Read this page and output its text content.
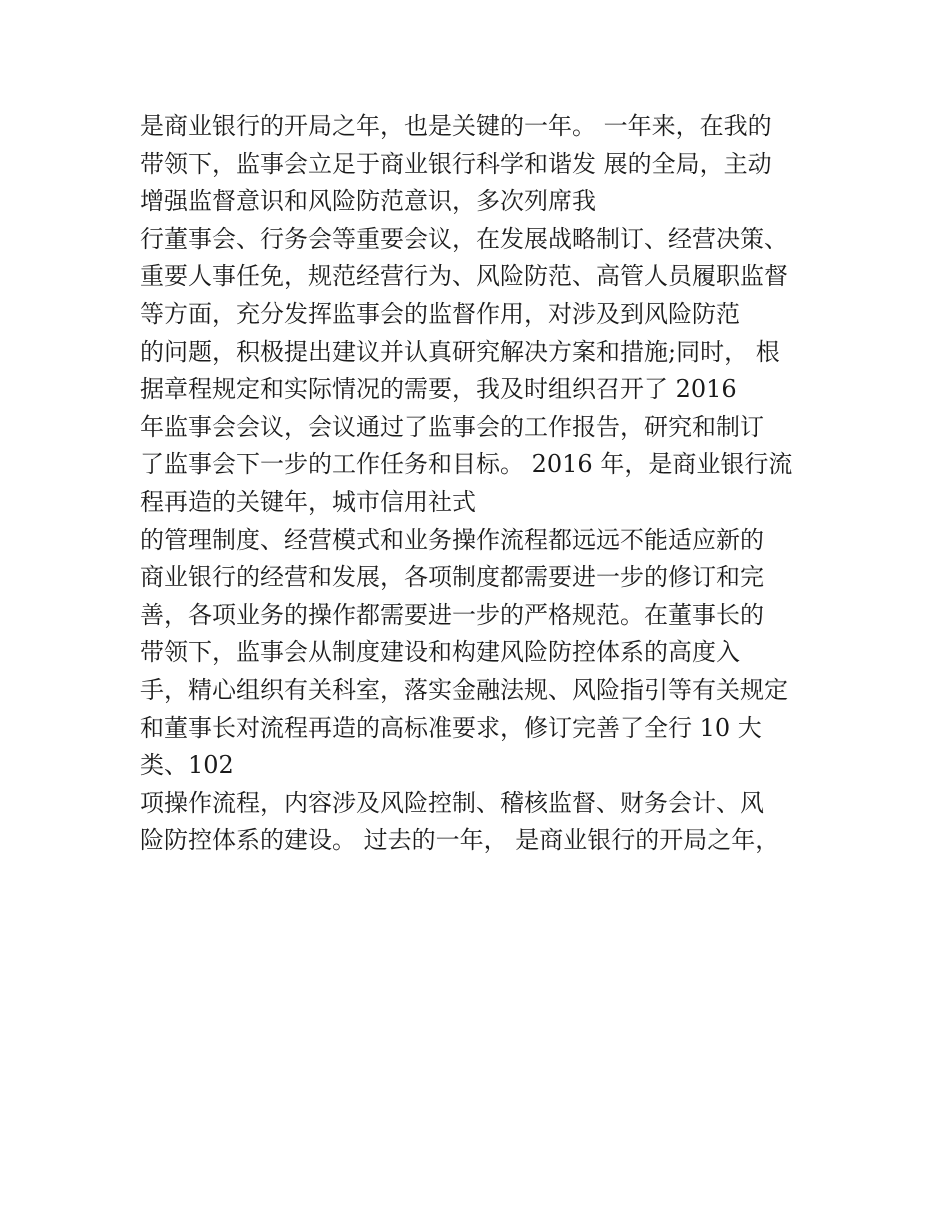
是商业银行的开局之年，也是关键的一年。 一年来，在我的
带领下，监事会立足于商业银行科学和谐发 展的全局，主动
增强监督意识和风险防范意识，多次列席我
行董事会、行务会等重要会议，在发展战略制订、经营决策、
重要人事任免，规范经营行为、风险防范、高管人员履职监督
等方面，充分发挥监事会的监督作用，对涉及到风险防范
的问题，积极提出建议并认真研究解决方案和措施;同时， 根
据章程规定和实际情况的需要，我及时组织召开了 2016
年监事会会议，会议通过了监事会的工作报告，研究和制订
了监事会下一步的工作任务和目标。 2016 年，是商业银行流
程再造的关键年，城市信用社式
的管理制度、经营模式和业务操作流程都远远不能适应新的
商业银行的经营和发展，各项制度都需要进一步的修订和完
善，各项业务的操作都需要进一步的严格规范。在董事长的
带领下，监事会从制度建设和构建风险防控体系的高度入
手，精心组织有关科室，落实金融法规、风险指引等有关规定
和董事长对流程再造的高标准要求，修订完善了全行 10 大
类、102
项操作流程，内容涉及风险控制、稽核监督、财务会计、风
险防控体系的建设。 过去的一年， 是商业银行的开局之年，
